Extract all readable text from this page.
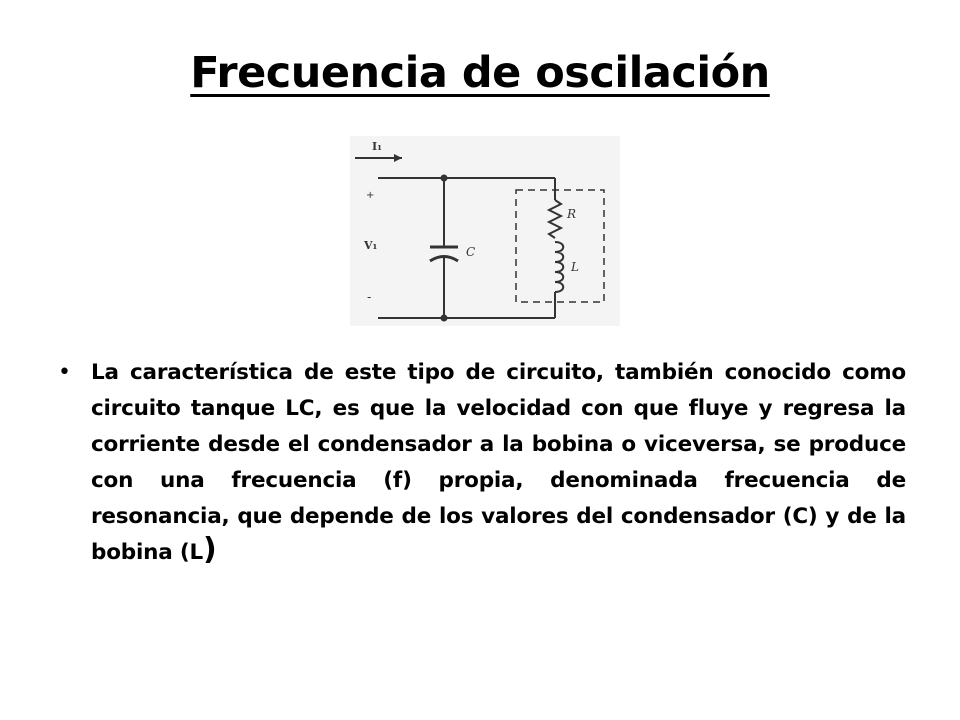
Frecuencia de oscilación
I₁
+
V₁
-
C
R
L
• La característica de este tipo de circuito, también conocido como circuito tanque LC, es que la velocidad con que fluye y regresa la corriente desde el condensador a la bobina o viceversa, se produce con una frecuencia (f) propia, denominada frecuencia de resonancia, que depende de los valores del condensador (C) y de la bobina (L)
